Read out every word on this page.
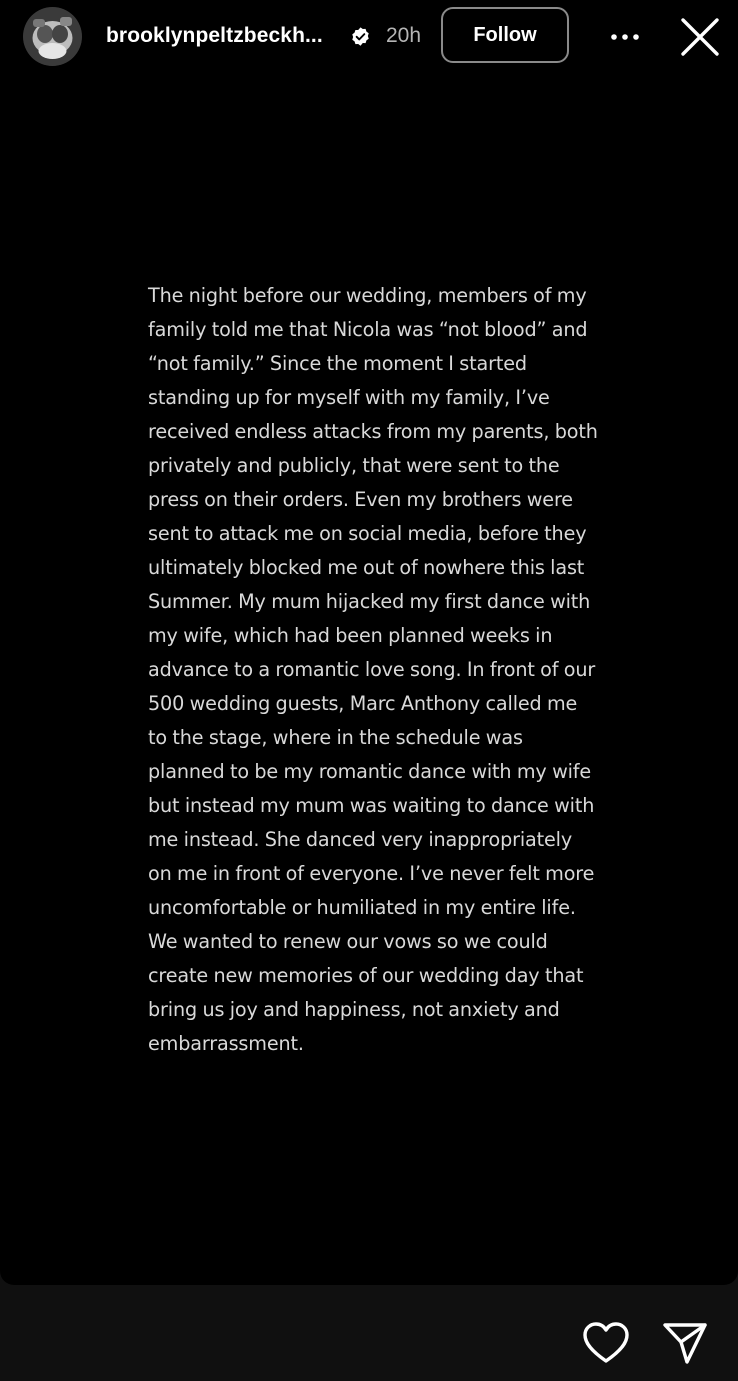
brooklynpeltzbeckh...	20h	Follow

The night before our wedding, members of my family told me that Nicola was “not blood” and “not family.” Since the moment I started standing up for myself with my family, I’ve received endless attacks from my parents, both privately and publicly, that were sent to the press on their orders. Even my brothers were sent to attack me on social media, before they ultimately blocked me out of nowhere this last Summer. My mum hijacked my first dance with my wife, which had been planned weeks in advance to a romantic love song. In front of our 500 wedding guests, Marc Anthony called me to the stage, where in the schedule was planned to be my romantic dance with my wife but instead my mum was waiting to dance with me instead. She danced very inappropriately on me in front of everyone. I’ve never felt more uncomfortable or humiliated in my entire life. We wanted to renew our vows so we could create new memories of our wedding day that bring us joy and happiness, not anxiety and embarrassment.
